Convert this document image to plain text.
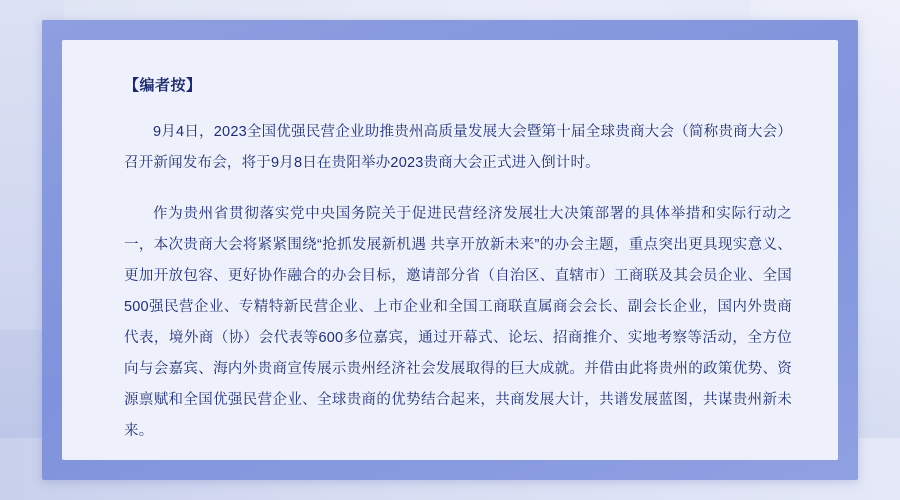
【编者按】

9月4日，2023全国优强民营企业助推贵州高质量发展大会暨第十届全球贵商大会（简称贵商大会）召开新闻发布会，将于9月8日在贵阳举办2023贵商大会正式进入倒计时。

作为贵州省贯彻落实党中央国务院关于促进民营经济发展壮大决策部署的具体举措和实际行动之一，本次贵商大会将紧紧围绕“抢抓发展新机遇 共享开放新未来”的办会主题，重点突出更具现实意义、更加开放包容、更好协作融合的办会目标，邀请部分省（自治区、直辖市）工商联及其会员企业、全国500强民营企业、专精特新民营企业、上市企业和全国工商联直属商会会长、副会长企业，国内外贵商代表，境外商（协）会代表等600多位嘉宾，通过开幕式、论坛、招商推介、实地考察等活动，全方位向与会嘉宾、海内外贵商宣传展示贵州经济社会发展取得的巨大成就。并借由此将贵州的政策优势、资源禀赋和全国优强民营企业、全球贵商的优势结合起来，共商发展大计，共谱发展蓝图，共谋贵州新未来。
